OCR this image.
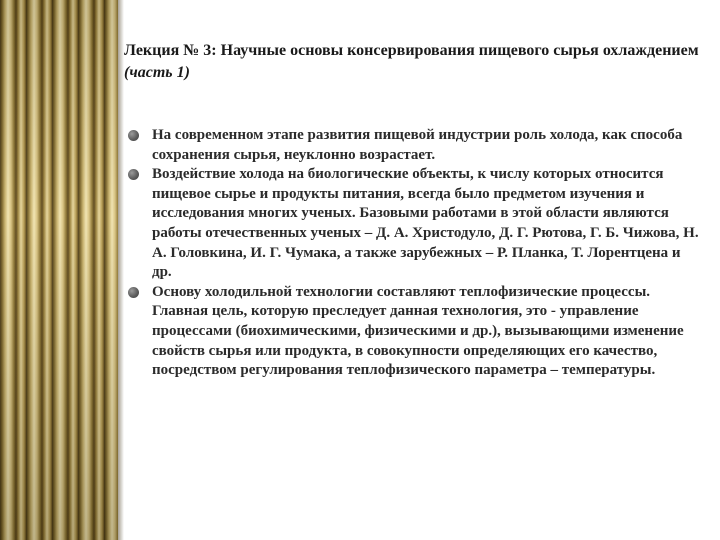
Лекция № 3: Научные основы консервирования пищевого сырья охлаждением (часть 1)

На современном этапе развития пищевой индустрии роль холода, как способа сохранения сырья, неуклонно возрастает.
Воздействие холода на биологические объекты, к числу которых относится пищевое сырье и продукты питания, всегда было предметом изучения и исследования многих ученых. Базовыми работами в этой области являются работы отечественных ученых – Д. А. Христодуло, Д. Г. Рютова, Г. Б. Чижова, Н. А. Головкина, И. Г. Чумака, а также зарубежных – Р. Планка, Т. Лорентцена и др.
Основу холодильной технологии составляют теплофизические процессы. Главная цель, которую преследует данная технология, это - управление процессами (биохимическими, физическими и др.), вызывающими изменение свойств сырья или продукта, в совокупности определяющих его качество, посредством регулирования теплофизического параметра – температуры.
